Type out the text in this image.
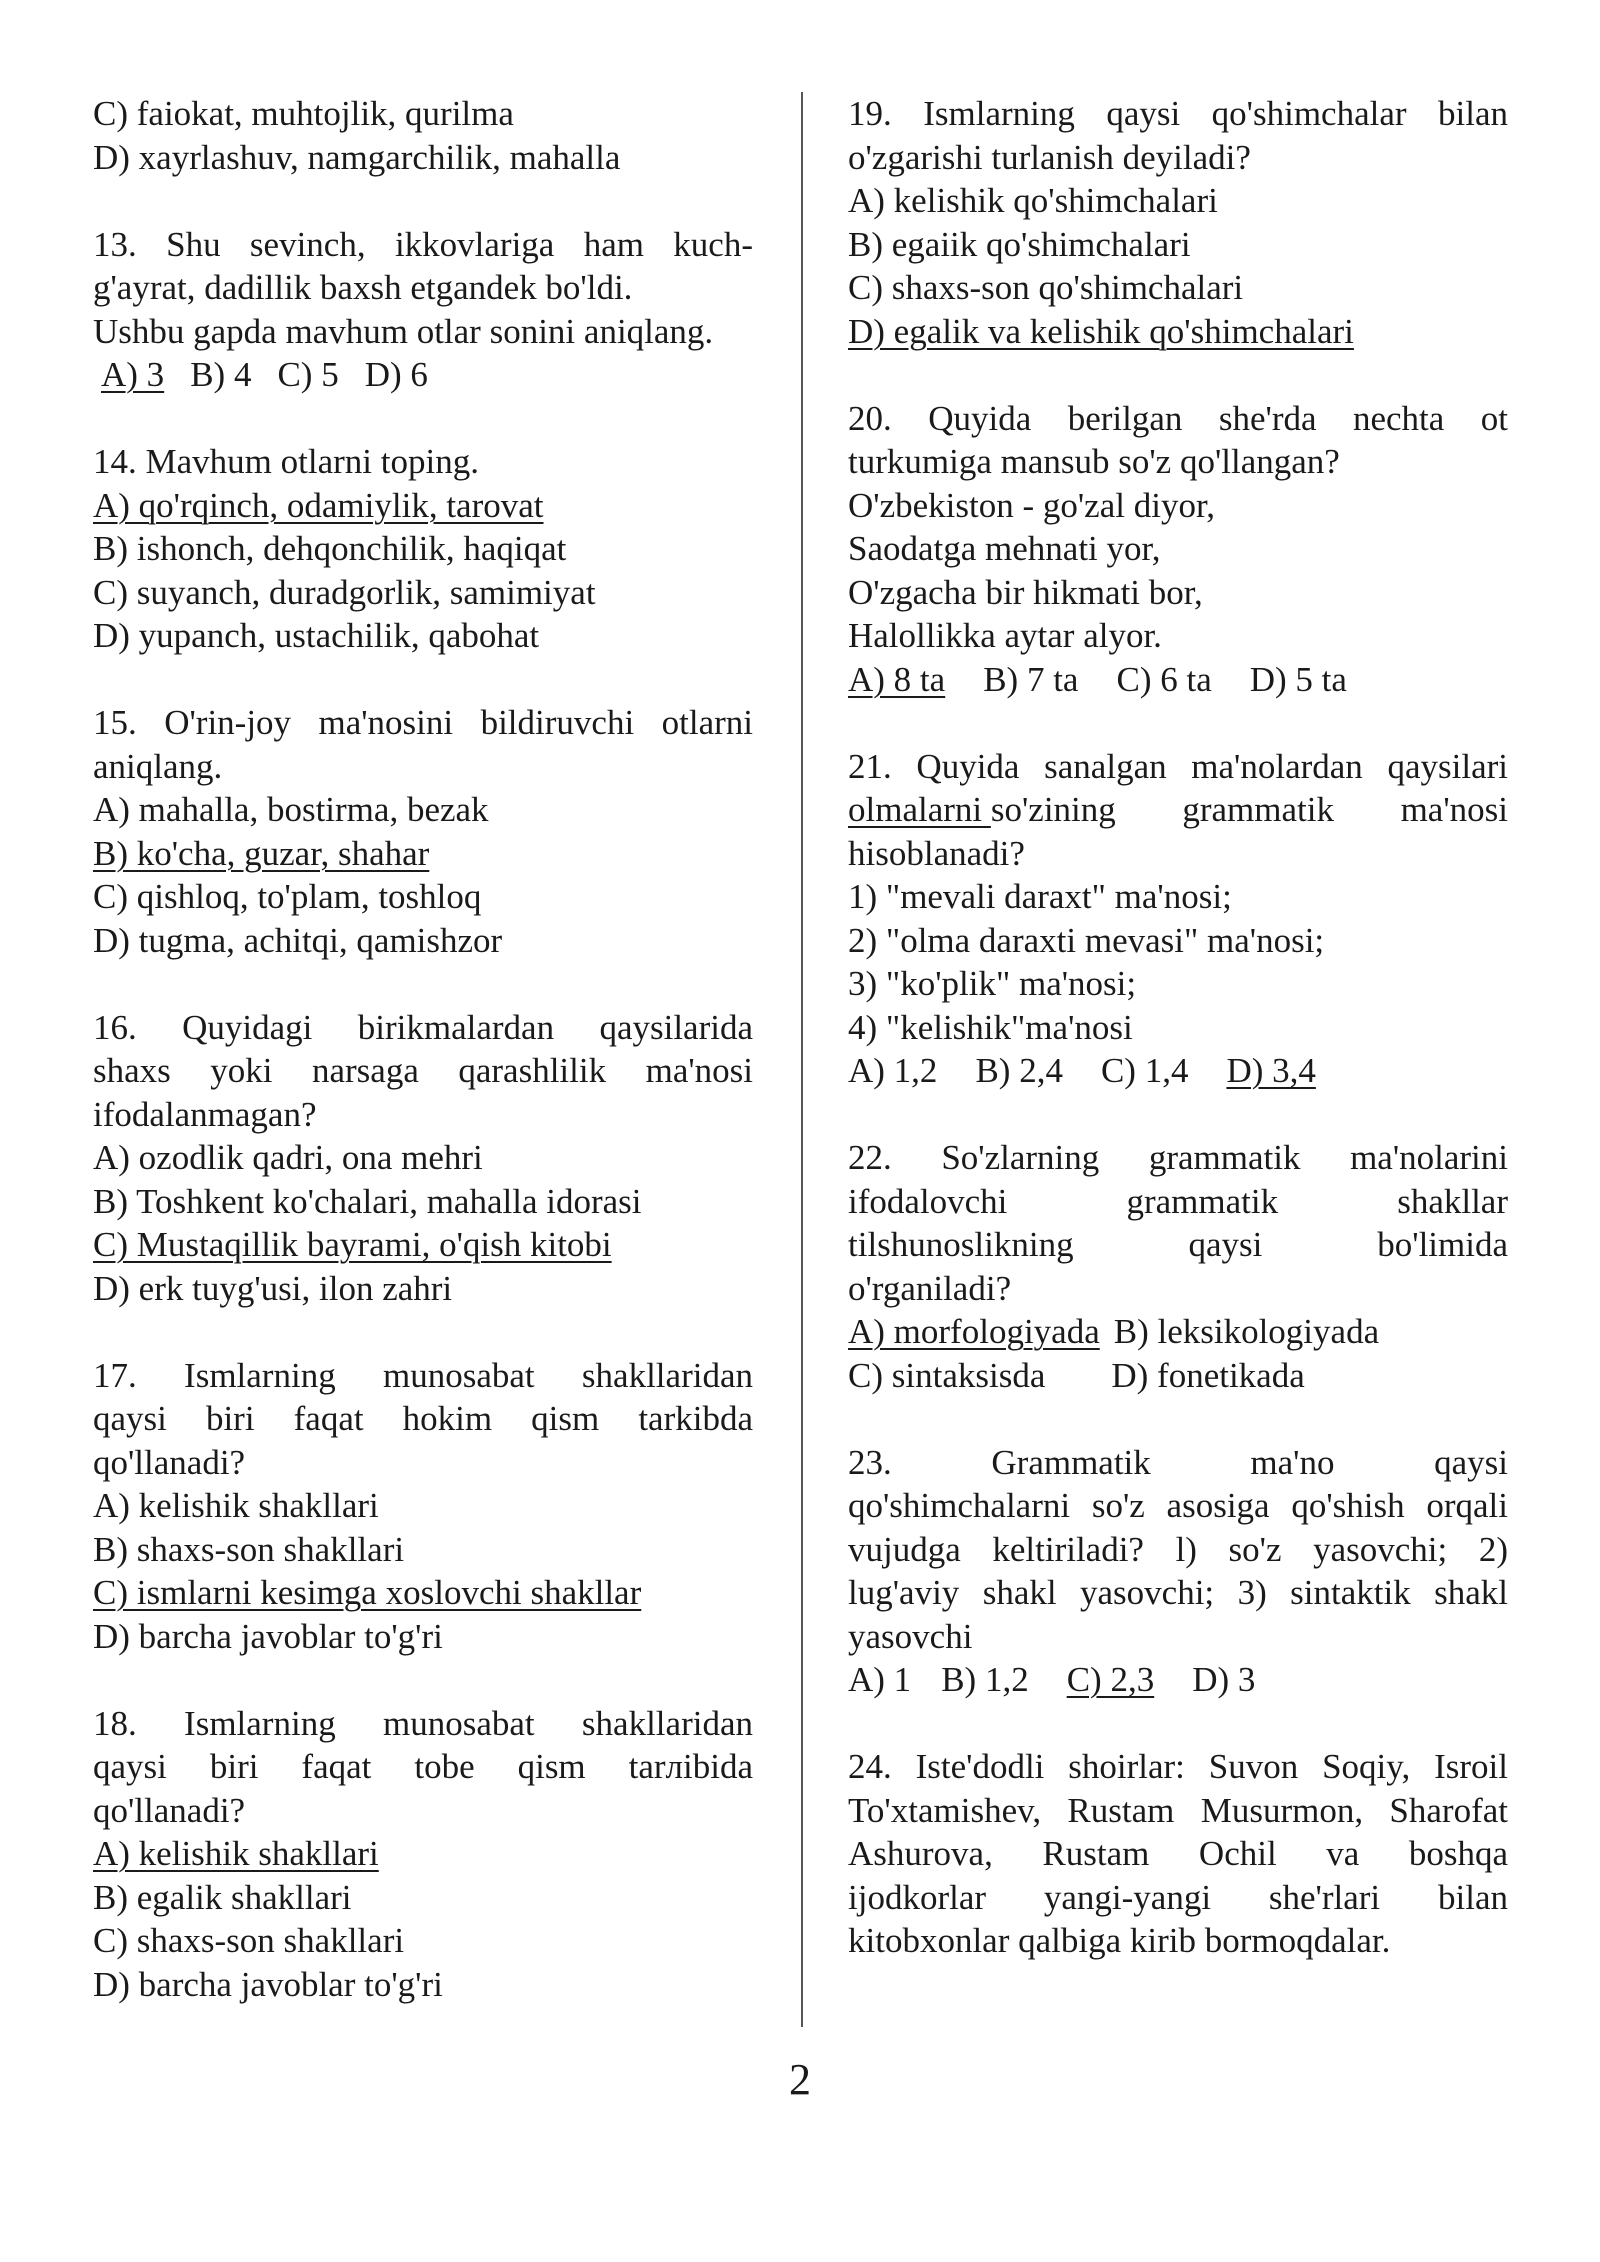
C) faiokat, muhtojlik, qurilma
D) xayrlashuv, namgarchilik, mahalla
13. Shu sevinch, ikkovlariga ham kuch-
g'ayrat, dadillik baxsh etgandek bo'ldi.
Ushbu gapda mavhum otlar sonini aniqlang.
A) 3 B) 4 C) 5 D) 6
14. Mavhum otlarni toping.
A) qo'rqinch, odamiylik, tarovat
B) ishonch, dehqonchilik, haqiqat
C) suyanch, duradgorlik, samimiyat
D) yupanch, ustachilik, qabohat
15. O'rin-joy ma'nosini bildiruvchi otlarni
aniqlang.
A) mahalla, bostirma, bezak
B) ko'cha, guzar, shahar
C) qishloq, to'plam, toshloq
D) tugma, achitqi, qamishzor
16. Quyidagi birikmalardan qaysilarida
shaxs yoki narsaga qarashlilik ma'nosi
ifodalanmagan?
A) ozodlik qadri, ona mehri
B) Toshkent ko'chalari, mahalla idorasi
C) Mustaqillik bayrami, o'qish kitobi
D) erk tuyg'usi, ilon zahri
17. Ismlarning munosabat shakllaridan
qaysi biri faqat hokim qism tarkibda
qo'llanadi?
A) kelishik shakllari
B) shaxs-son shakllari
C) ismlarni kesimga xoslovchi shakllar
D) barcha javoblar to'g'ri
18. Ismlarning munosabat shakllaridan
qaysi biri faqat tobe qism tarлibida
qo'llanadi?
A) kelishik shakllari
B) egalik shakllari
C) shaxs-son shakllari
D) barcha javoblar to'g'ri
19. Ismlarning qaysi qo'shimchalar bilan
o'zgarishi turlanish deyiladi?
A) kelishik qo'shimchalari
B) egaiik qo'shimchalari
C) shaxs-son qo'shimchalari
D) egalik va kelishik qo'shimchalari
20. Quyida berilgan she'rda nechta ot
turkumiga mansub so'z qo'llangan?
O'zbekiston - go'zal diyor,
Saodatga mehnati yor,
O'zgacha bir hikmati bor,
Halollikka aytar alyor.
A) 8 ta B) 7 ta C) 6 ta D) 5 ta
21. Quyida sanalgan ma'nolardan qaysilari
olmalarni so'zining  grammatik  ma'nosi
hisoblanadi?
1) "mevali daraxt" ma'nosi;
2) "olma daraxti mevasi" ma'nosi;
3) "ko'plik" ma'nosi;
4) "kelishik"ma'nosi
A) 1,2 B) 2,4 C) 1,4 D) 3,4
22. So'zlarning grammatik ma'nolarini
ifodalovchi grammatik shakllar
tilshunoslikning qaysi bo'limida
o'rganiladi?
A) morfologiyada B) leksikologiyada
C) sintaksisda D) fonetikada
23. Grammatik ma'no qaysi
qo'shimchalarni so'z asosiga qo'shish orqali
vujudga keltiriladi? l) so'z yasovchi; 2)
lug'aviy shakl yasovchi; 3) sintaktik shakl
yasovchi
A) 1 B) 1,2 C) 2,3 D) 3
24. Iste'dodli shoirlar: Suvon Soqiy, Isroil
To'xtamishev, Rustam Musurmon, Sharofat
Ashurova, Rustam Ochil va boshqa
ijodkorlar yangi-yangi she'rlari bilan
kitobxonlar qalbiga kirib bormoqdalar.
2
